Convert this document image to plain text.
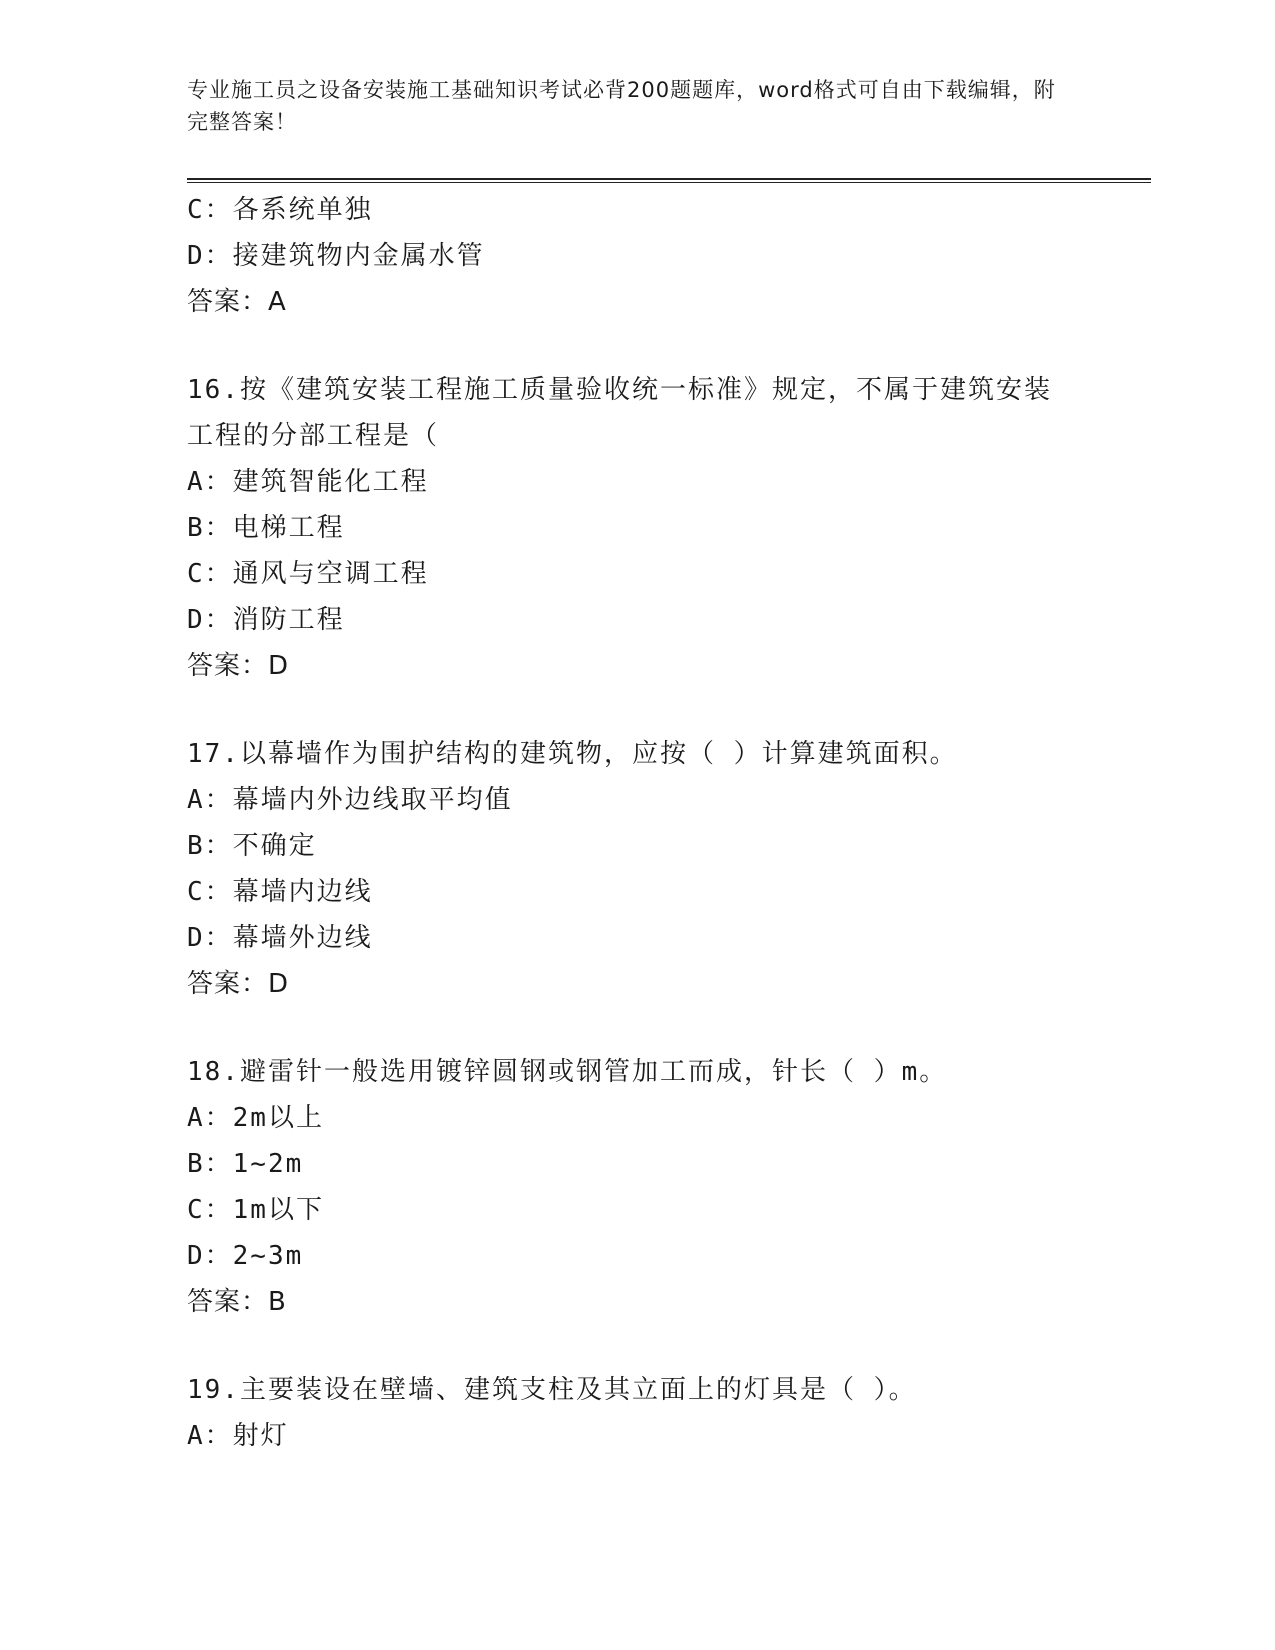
专业施工员之设备安装施工基础知识考试必背200题题库，word格式可自由下载编辑，附完整答案！
C：各系统单独
D：接建筑物内金属水管
答案：A
16.按《建筑安装工程施工质量验收统一标准》规定，不属于建筑安装工程的分部工程是（
A：建筑智能化工程
B：电梯工程
C：通风与空调工程
D：消防工程
答案：D
17.以幕墙作为围护结构的建筑物，应按（ ）计算建筑面积。
A：幕墙内外边线取平均值
B：不确定
C：幕墙内边线
D：幕墙外边线
答案：D
18.避雷针一般选用镀锌圆钢或钢管加工而成，针长（ ）m。
A：2m以上
B：1~2m
C：1m以下
D：2~3m
答案：B
19.主要装设在壁墙、建筑支柱及其立面上的灯具是（ ）。
A：射灯
